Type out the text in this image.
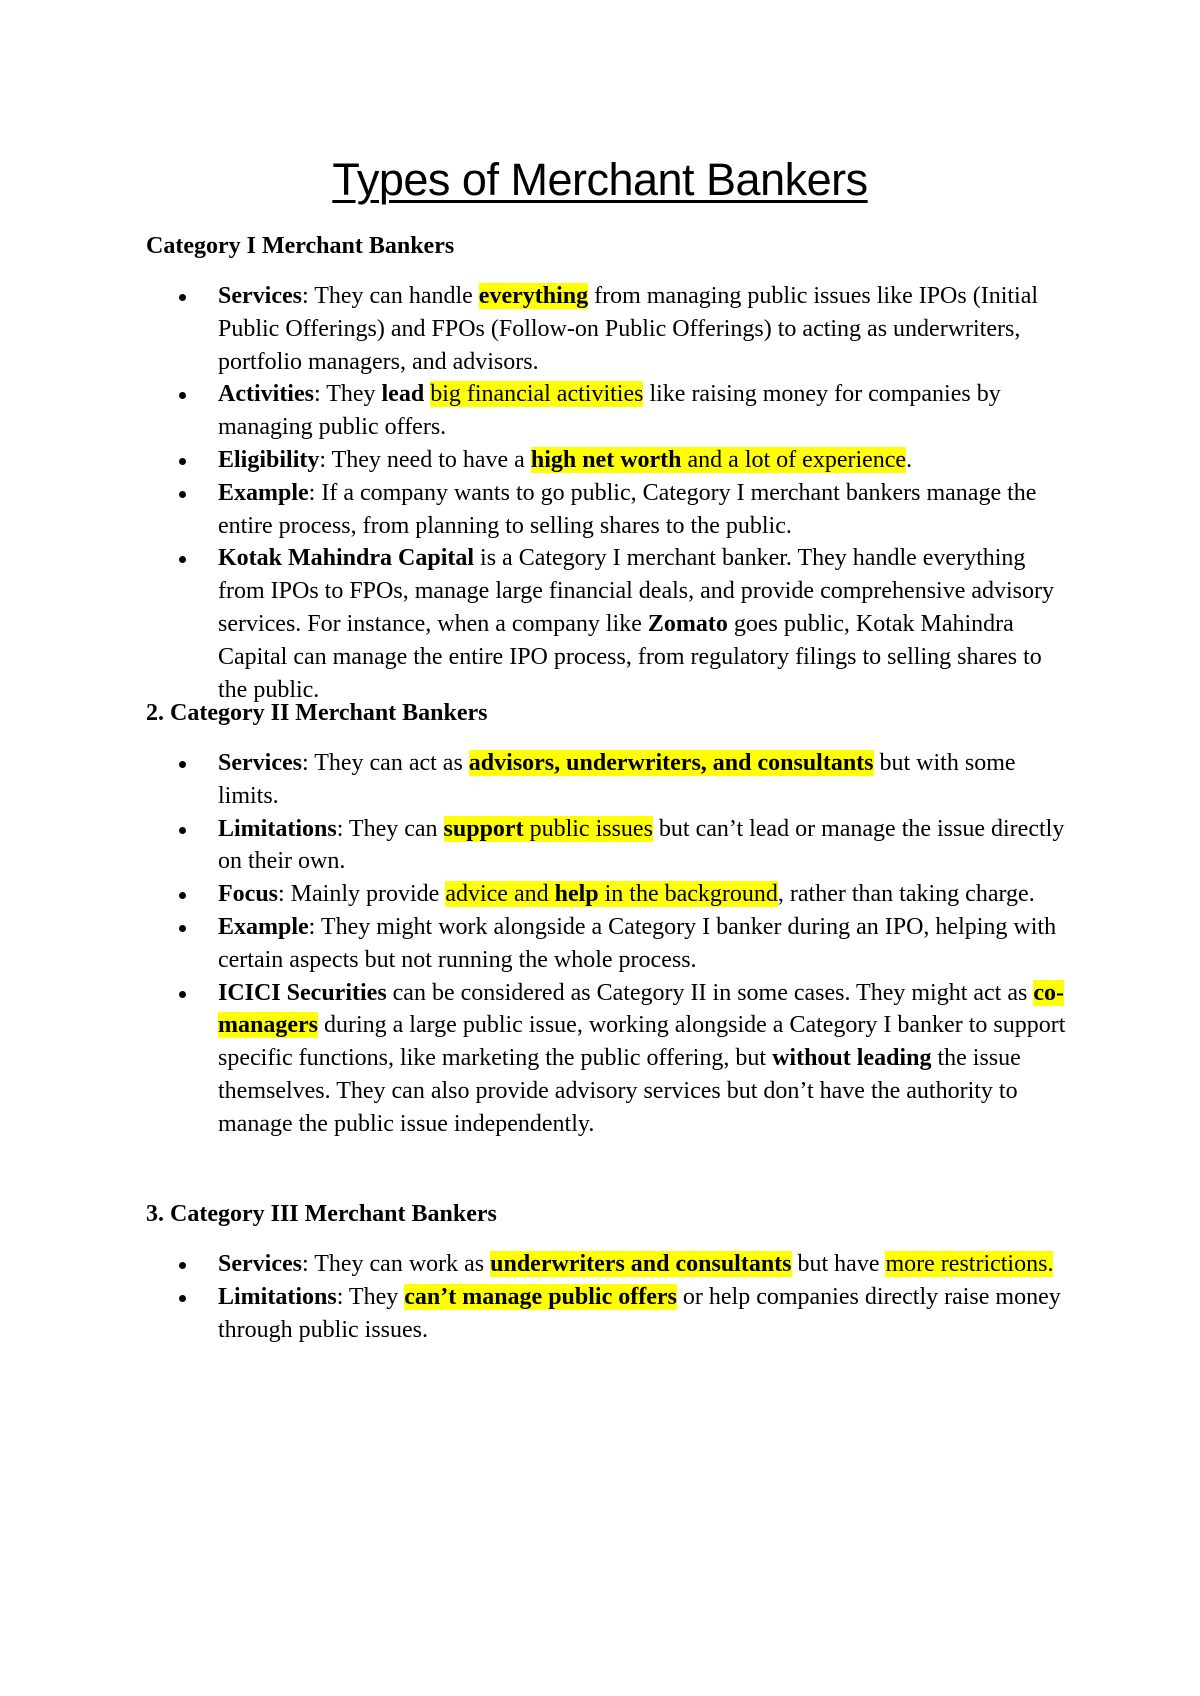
Types of Merchant Bankers
Category I Merchant Bankers
Services: They can handle everything from managing public issues like IPOs (Initial Public Offerings) and FPOs (Follow-on Public Offerings) to acting as underwriters, portfolio managers, and advisors.
Activities: They lead big financial activities like raising money for companies by managing public offers.
Eligibility: They need to have a high net worth and a lot of experience.
Example: If a company wants to go public, Category I merchant bankers manage the entire process, from planning to selling shares to the public.
Kotak Mahindra Capital is a Category I merchant banker. They handle everything from IPOs to FPOs, manage large financial deals, and provide comprehensive advisory services. For instance, when a company like Zomato goes public, Kotak Mahindra Capital can manage the entire IPO process, from regulatory filings to selling shares to the public.
2. Category II Merchant Bankers
Services: They can act as advisors, underwriters, and consultants but with some limits.
Limitations: They can support public issues but can’t lead or manage the issue directly on their own.
Focus: Mainly provide advice and help in the background, rather than taking charge.
Example: They might work alongside a Category I banker during an IPO, helping with certain aspects but not running the whole process.
ICICI Securities can be considered as Category II in some cases. They might act as co-managers during a large public issue, working alongside a Category I banker to support specific functions, like marketing the public offering, but without leading the issue themselves. They can also provide advisory services but don’t have the authority to manage the public issue independently.
3. Category III Merchant Bankers
Services: They can work as underwriters and consultants but have more restrictions.
Limitations: They can’t manage public offers or help companies directly raise money through public issues.
